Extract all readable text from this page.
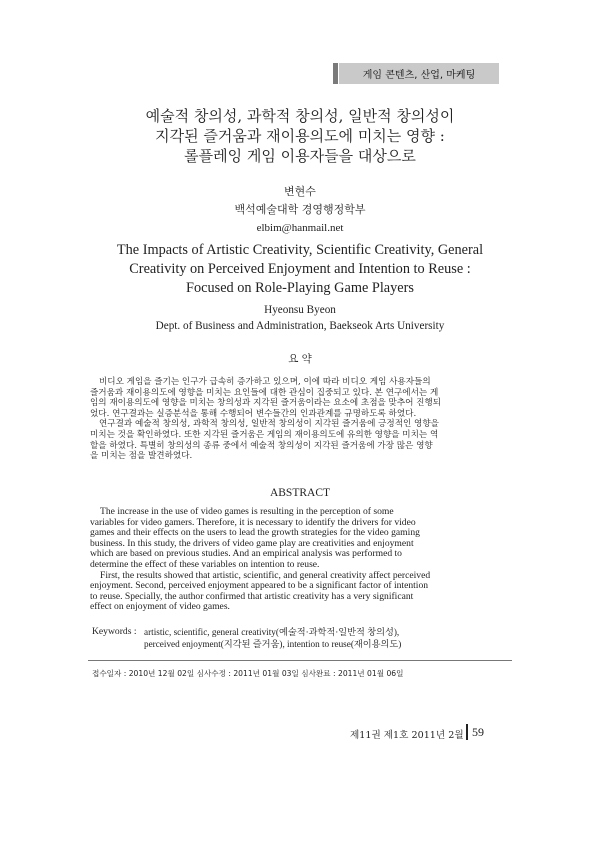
게임 콘텐츠, 산업, 마케팅
예술적 창의성, 과학적 창의성, 일반적 창의성이
지각된 즐거움과 재이용의도에 미치는 영향 :
롤플레잉 게임 이용자들을 대상으로
변현수
백석예술대학 경영행정학부
elbim@hanmail.net
The Impacts of Artistic Creativity, Scientific Creativity, General
Creativity on Perceived Enjoyment and Intention to Reuse :
Focused on Role-Playing Game Players
Hyeonsu Byeon
Dept. of Business and Administration, Baekseok Arts University
요 약
비디오 게임을 즐기는 인구가 급속히 증가하고 있으며, 이에 따라 비디오 게임 사용자들의
즐거움과 재이용의도에 영향을 미치는 요인들에 대한 관심이 집중되고 있다. 본 연구에서는 게
임의 재이용의도에 영향을 미치는 창의성과 지각된 즐거움이라는 요소에 초점을 맞추어 진행되
었다. 연구결과는 실증분석을 통해 수행되어 변수들간의 인과관계를 규명하도록 하였다.
연구결과 예술적 창의성, 과학적 창의성, 일반적 창의성이 지각된 즐거움에 긍정적인 영향을
미치는 것을 확인하였다. 또한 지각된 즐거움은 게임의 재이용의도에 유의한 영향을 미치는 역
할을 하였다. 특별히 창의성의 종류 중에서 예술적 창의성이 지각된 즐거움에 가장 많은 영향
을 미치는 점을 발견하였다.
ABSTRACT
The increase in the use of video games is resulting in the perception of some
variables for video gamers. Therefore, it is necessary to identify the drivers for video
games and their effects on the users to lead the growth strategies for the video gaming
business. In this study, the drivers of video game play are creativities and enjoyment
which are based on previous studies. And an empirical analysis was performed to
determine the effect of these variables on intention to reuse.
First, the results showed that artistic, scientific, and general creativity affect perceived
enjoyment. Second, perceived enjoyment appeared to be a significant factor of intention
to reuse. Specially, the author confirmed that artistic creativity has a very significant
effect on enjoyment of video games.
Keywords : artistic, scientific, general creativity(예술적·과학적·일반적 창의성),
perceived enjoyment(지각된 즐거움), intention to reuse(재이용의도)
접수일자 : 2010년 12월 02일 심사수정 : 2011년 01월 03일 심사완료 : 2011년 01월 06일
제11권 제1호 2011년 2월 59
